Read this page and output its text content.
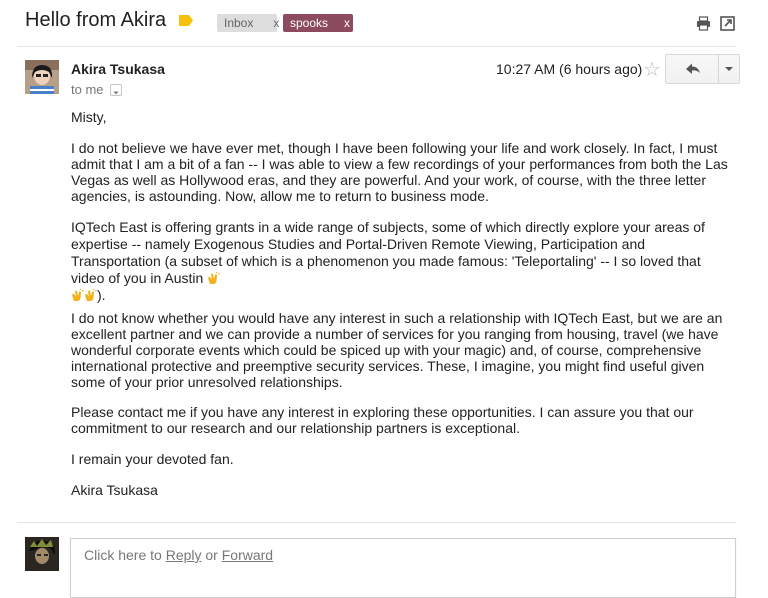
Hello from Akira	Inbox x spooks x
Akira Tsukasa
to me
10:27 AM (6 hours ago) ☆
Misty,
I do not believe we have ever met, though I have been following your life and work closely. In fact, I must admit that I am a bit of a fan -- I was able to view a few recordings of your performances from both the Las Vegas as well as Hollywood eras, and they are powerful. And your work, of course, with the three letter agencies, is astounding. Now, allow me to return to business mode.
IQTech East is offering grants in a wide range of subjects, some of which directly explore your areas of expertise -- namely Exogenous Studies and Portal-Driven Remote Viewing, Participation and Transportation (a subset of which is a phenomenon you made famous: 'Teleportaling' -- I so loved that video of you in Austin
).
I do not know whether you would have any interest in such a relationship with IQTech East, but we are an excellent partner and we can provide a number of services for you ranging from housing, travel (we have wonderful corporate events which could be spiced up with your magic) and, of course, comprehensive international protective and preemptive security services. These, I imagine, you might find useful given some of your prior unresolved relationships.
Please contact me if you have any interest in exploring these opportunities. I can assure you that our commitment to our research and our relationship partners is exceptional.
I remain your devoted fan.
Akira Tsukasa
Click here to Reply or Forward
